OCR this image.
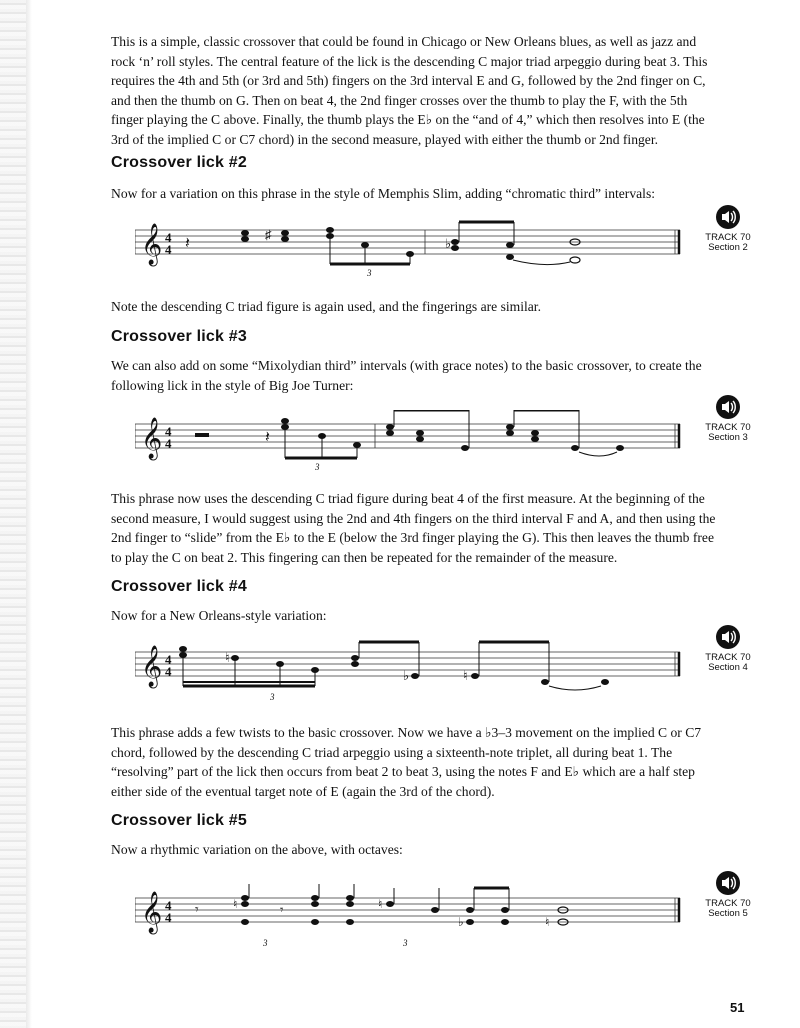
This is a simple, classic crossover that could be found in Chicago or New Orleans blues, as well as jazz and rock ‘n’ roll styles. The central feature of the lick is the descending C major triad arpeggio during beat 3. This requires the 4th and 5th (or 3rd and 5th) fingers on the 3rd interval E and G, followed by the 2nd finger on C, and then the thumb on G. Then on beat 4, the 2nd finger crosses over the thumb to play the F, with the 5th finger playing the C above. Finally, the thumb plays the E♭ on the “and of 4,” which then resolves into E (the 3rd of the implied C or C7 chord) in the second measure, played with either the thumb or 2nd finger.

Crossover lick #2

Now for a variation on this phrase in the style of Memphis Slim, adding “chromatic third” intervals:

𝄞 4
4 𝄽	♯
♭
3
TRACK 70
Section 2

Note the descending C triad figure is again used, and the fingerings are similar.

Crossover lick #3

We can also add on some “Mixolydian third” intervals (with grace notes) to the basic crossover, to create the following lick in the style of Big Joe Turner:

𝄞 4
4	𝄽
3
TRACK 70
Section 3

This phrase now uses the descending C triad figure during beat 4 of the first measure. At the beginning of the second measure, I would suggest using the 2nd and 4th fingers on the third interval F and A, and then using the 2nd finger to “slide” from the E♭ to the E (below the 3rd finger playing the G). This then leaves the thumb free to play the C on beat 2. This fingering can then be repeated for the remainder of the measure.

Crossover lick #4

Now for a New Orleans-style variation:

𝄞 4
4
♮
♭	♮
3
TRACK 70
Section 4

This phrase adds a few twists to the basic crossover. Now we have a ♭3–3 movement on the implied C or C7 chord, followed by the descending C triad arpeggio using a sixteenth-note triplet, all during beat 1. The “resolving” part of the lick then occurs from beat 2 to beat 3, using the notes F and E♭ which are a half step either side of the eventual target note of E (again the 3rd of the chord).

Crossover lick #5

Now a rhythmic variation on the above, with octaves:

𝄞 4
4 𝄾	𝄾
♮	♮
♭	♮
3	3
TRACK 70
Section 5
51
